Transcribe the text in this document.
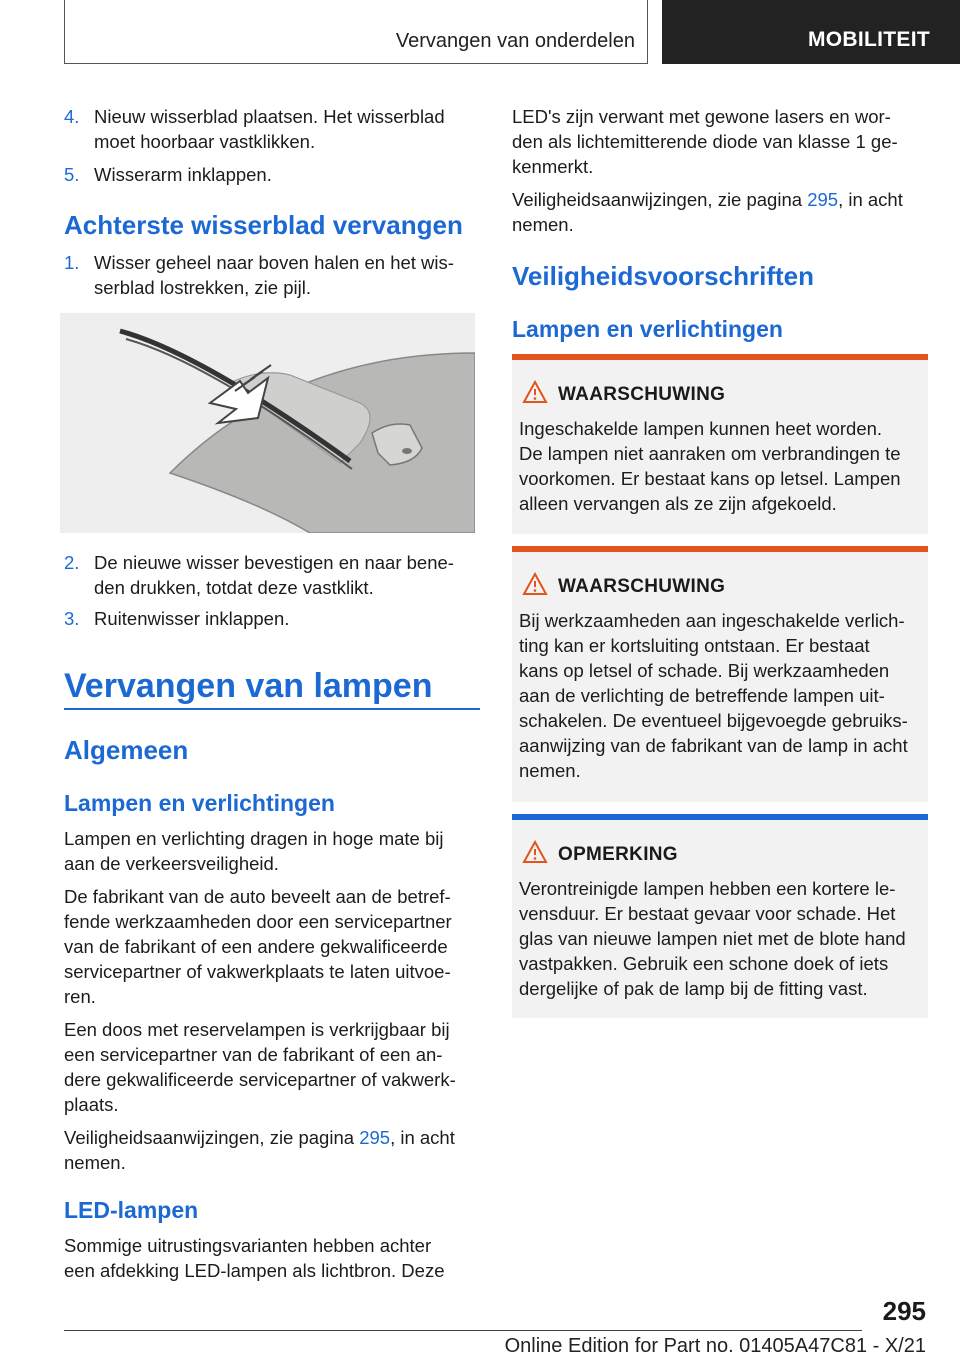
Vervangen van onderdelen	MOBILITEIT
4. Nieuw wisserblad plaatsen. Het wisserblad
moet hoorbaar vastklikken.
5. Wisserarm inklappen.
Achterste wisserblad vervangen
1. Wisser geheel naar boven halen en het wis-
serblad lostrekken, zie pijl.
2. De nieuwe wisser bevestigen en naar bene-
den drukken, totdat deze vastklikt.
3. Ruitenwisser inklappen.
Vervangen van lampen
Algemeen
Lampen en verlichtingen
Lampen en verlichting dragen in hoge mate bij
aan de verkeersveiligheid.
De fabrikant van de auto beveelt aan de betref-
fende werkzaamheden door een servicepartner
van de fabrikant of een andere gekwalificeerde
servicepartner of vakwerkplaats te laten uitvoe-
ren.
Een doos met reservelampen is verkrijgbaar bij
een servicepartner van de fabrikant of een an-
dere gekwalificeerde servicepartner of vakwerk-
plaats.
Veiligheidsaanwijzingen, zie pagina 295, in acht
nemen.
LED-lampen
Sommige uitrustingsvarianten hebben achter
een afdekking LED-lampen als lichtbron. Deze
LED's zijn verwant met gewone lasers en wor-
den als lichtemitterende diode van klasse 1 ge-
kenmerkt.
Veiligheidsaanwijzingen, zie pagina 295, in acht
nemen.
Veiligheidsvoorschriften
Lampen en verlichtingen
WAARSCHUWING
Ingeschakelde lampen kunnen heet worden.
De lampen niet aanraken om verbrandingen te
voorkomen. Er bestaat kans op letsel. Lampen
alleen vervangen als ze zijn afgekoeld.
WAARSCHUWING
Bij werkzaamheden aan ingeschakelde verlich-
ting kan er kortsluiting ontstaan. Er bestaat
kans op letsel of schade. Bij werkzaamheden
aan de verlichting de betreffende lampen uit-
schakelen. De eventueel bijgevoegde gebruiks-
aanwijzing van de fabrikant van de lamp in acht
nemen.
OPMERKING
Verontreinigde lampen hebben een kortere le-
vensduur. Er bestaat gevaar voor schade. Het
glas van nieuwe lampen niet met de blote hand
vastpakken. Gebruik een schone doek of iets
dergelijke of pak de lamp bij de fitting vast.
295
Online Edition for Part no. 01405A47C81 - X/21
